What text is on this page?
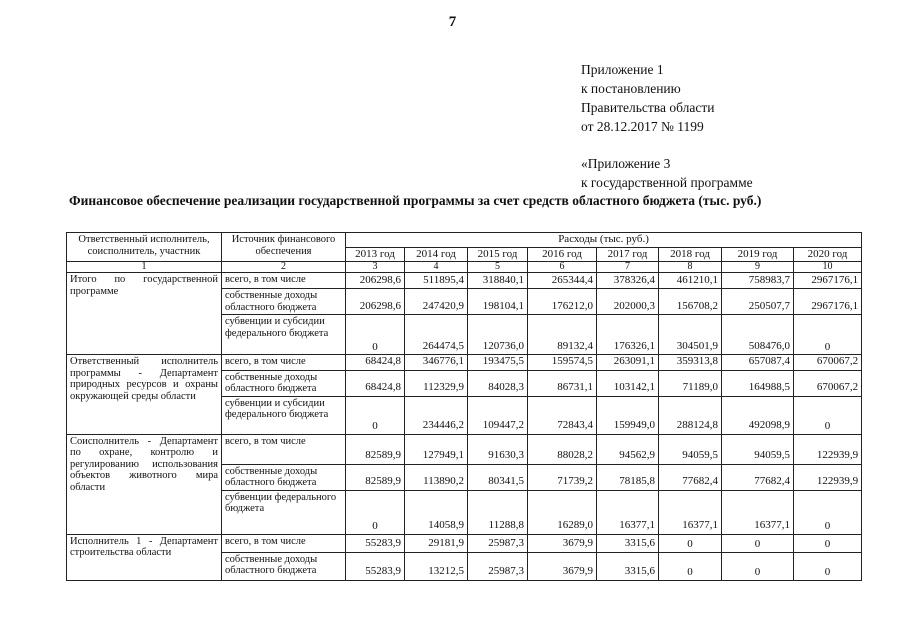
7
Приложение 1
к постановлению
Правительства области
от 28.12.2017 № 1199
«Приложение 3
к государственной программе
Финансовое обеспечение реализации государственной программы за счет средств областного бюджета (тыс. руб.)
Ответственный исполнитель, соисполнитель, участник	Источник финансового обеспечения	Расходы (тыс. руб.)							
		2013 год	2014 год	2015 год	2016 год	2017 год	2018 год	2019 год	2020 год
1	2	3	4	5	6	7	8	9	10
Итого по государственной программе	всего, в том числе	206298,6	511895,4	318840,1	265344,4	378326,4	461210,1	758983,7	2967176,1
	собственные доходы областного бюджета	206298,6	247420,9	198104,1	176212,0	202000,3	156708,2	250507,7	2967176,1
	субвенции и субсидии федерального бюджета	0	264474,5	120736,0	89132,4	176326,1	304501,9	508476,0	0
Ответственный исполнитель программы - Департамент природных ресурсов и охраны окружающей среды области	всего, в том числе	68424,8	346776,1	193475,5	159574,5	263091,1	359313,8	657087,4	670067,2
	собственные доходы областного бюджета	68424,8	112329,9	84028,3	86731,1	103142,1	71189,0	164988,5	670067,2
	субвенции и субсидии федерального бюджета	0	234446,2	109447,2	72843,4	159949,0	288124,8	492098,9	0
Соисполнитель - Департамент по охране, контролю и регулированию использования объектов животного мира области	всего, в том числе	82589,9	127949,1	91630,3	88028,2	94562,9	94059,5	94059,5	122939,9
	собственные доходы областного бюджета	82589,9	113890,2	80341,5	71739,2	78185,8	77682,4	77682,4	122939,9
	субвенции федерального бюджета	0	14058,9	11288,8	16289,0	16377,1	16377,1	16377,1	0
Исполнитель 1 - Департамент строительства области	всего, в том числе	55283,9	29181,9	25987,3	3679,9	3315,6	0	0	0
	собственные доходы областного бюджета	55283,9	13212,5	25987,3	3679,9	3315,6	0	0	0
